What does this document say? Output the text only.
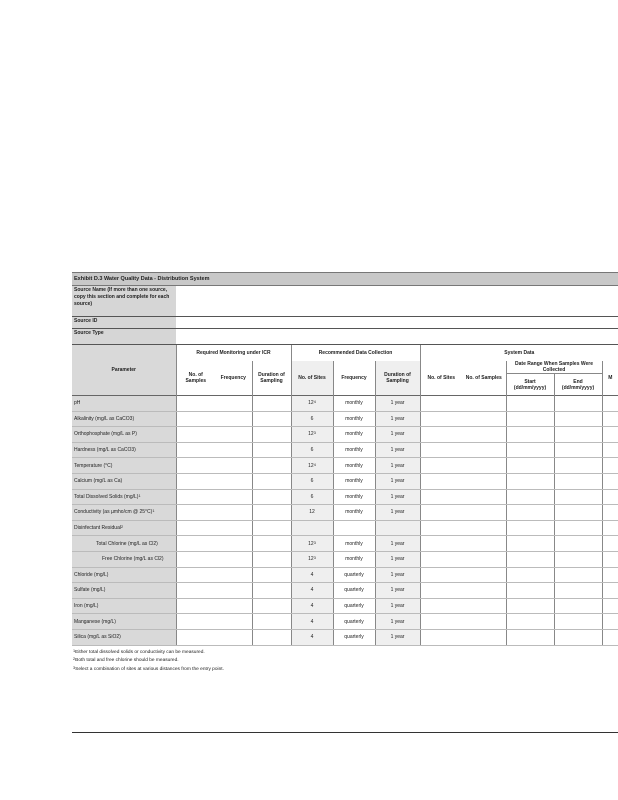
Exhibit D.3 Water Quality Data - Distribution System
Source Name (If more than one source, copy this section and complete for each source)
Source ID
Source Type
Parameter	Required Monitoring under ICR			Recommended Data Collection			System Data				
	No. of Samples	Frequency	Duration of Sampling	No. of Sites	Frequency	Duration of Sampling	No. of Sites	No. of Samples	Date Range When Samples Were Collected		M
									Start (dd/mm/yyyy)	End (dd/mm/yyyy)	
pH				$12^4$	monthly	1 year					
Alkalinity (mg/L as CaCO3)				6	monthly	1 year					
Orthophosphate (mg/L as P)				$12^3$	monthly	1 year					
Hardness (mg/L as CaCO3)				6	monthly	1 year					
Temperature (°C)				$12^4$	monthly	1 year					
Calcium (mg/L as Ca)				6	monthly	1 year					
Total Dissolved Solids $(mg/L)^1$				6	monthly	1 year					
Conductivity (as µmho/cm @ 25°C)$^1$				12	monthly	1 year					
Disinfectant Residual$^2$											
Total Chlorine (mg/L as Cl2)				$12^3$	monthly	1 year					
Free Chlorine (mg/L as Cl2)				$12^3$	monthly	1 year					
Chloride (mg/L)				4	quarterly	1 year					
Sulfate (mg/L)				4	quarterly	1 year					
Iron (mg/L)				4	quarterly	1 year					
Manganese (mg/L)				4	quarterly	1 year					
Silica (mg/L as SiO2)				4	quarterly	1 year					
$^1$Either total dissolved solids or conductivity can be measured.
$^2$Both total and free chlorine should be measured.
$^3$Select a combination of sites at various distances from the entry point.
